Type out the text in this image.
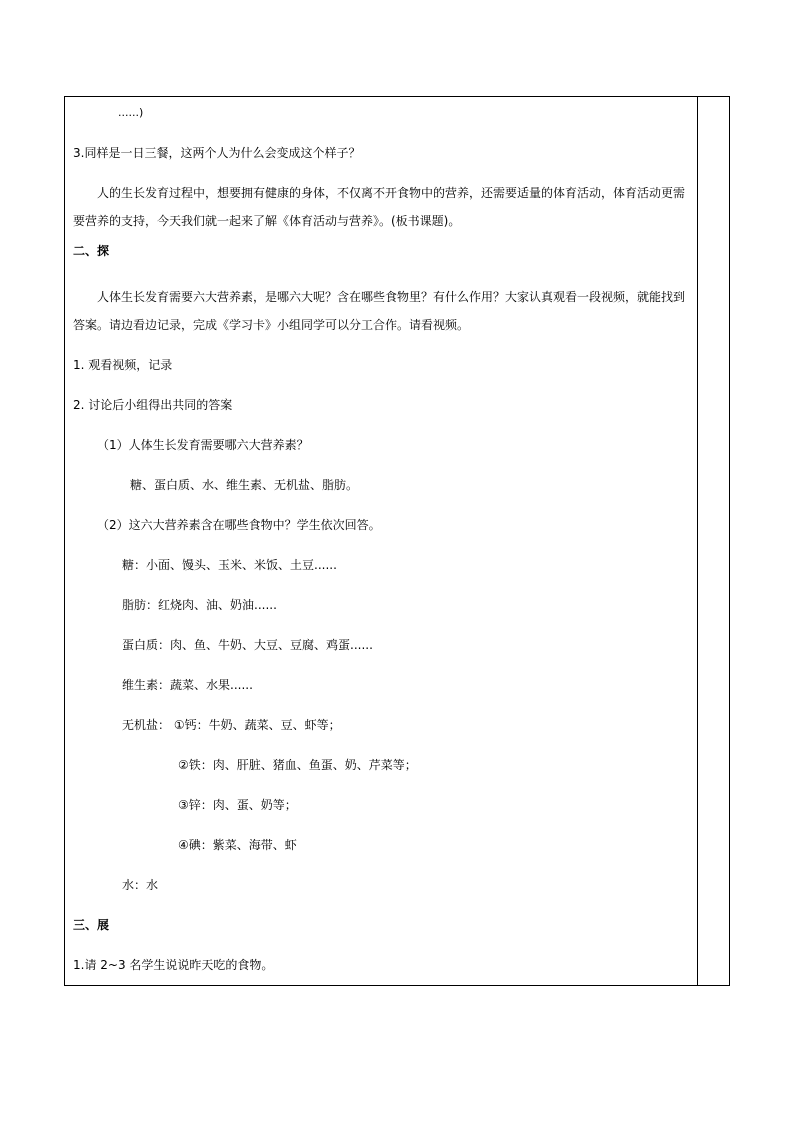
......)
3.同样是一日三餐，这两个人为什么会变成这个样子？
人的生长发育过程中，想要拥有健康的身体，不仅离不开食物中的营养，还需要适量的体育活动，体育活动更需
要营养的支持，今天我们就一起来了解《体育活动与营养》。(板书课题)。
二、探
人体生长发育需要六大营养素，是哪六大呢？含在哪些食物里？有什么作用？大家认真观看一段视频，就能找到
答案。请边看边记录，完成《学习卡》小组同学可以分工合作。请看视频。
1. 观看视频，记录
2. 讨论后小组得出共同的答案
（1）人体生长发育需要哪六大营养素？
糖、蛋白质、水、维生素、无机盐、脂肪。
（2）这六大营养素含在哪些食物中？学生依次回答。
糖：小面、馒头、玉米、米饭、土豆......
脂肪：红烧肉、油、奶油......
蛋白质：肉、鱼、牛奶、大豆、豆腐、鸡蛋......
维生素：蔬菜、水果......
无机盐： ①钙：牛奶、蔬菜、豆、虾等；
②铁：肉、肝脏、猪血、鱼蛋、奶、芹菜等；
③锌：肉、蛋、奶等；
④碘：紫菜、海带、虾
水：水
三、展
1.请 2~3 名学生说说昨天吃的食物。
